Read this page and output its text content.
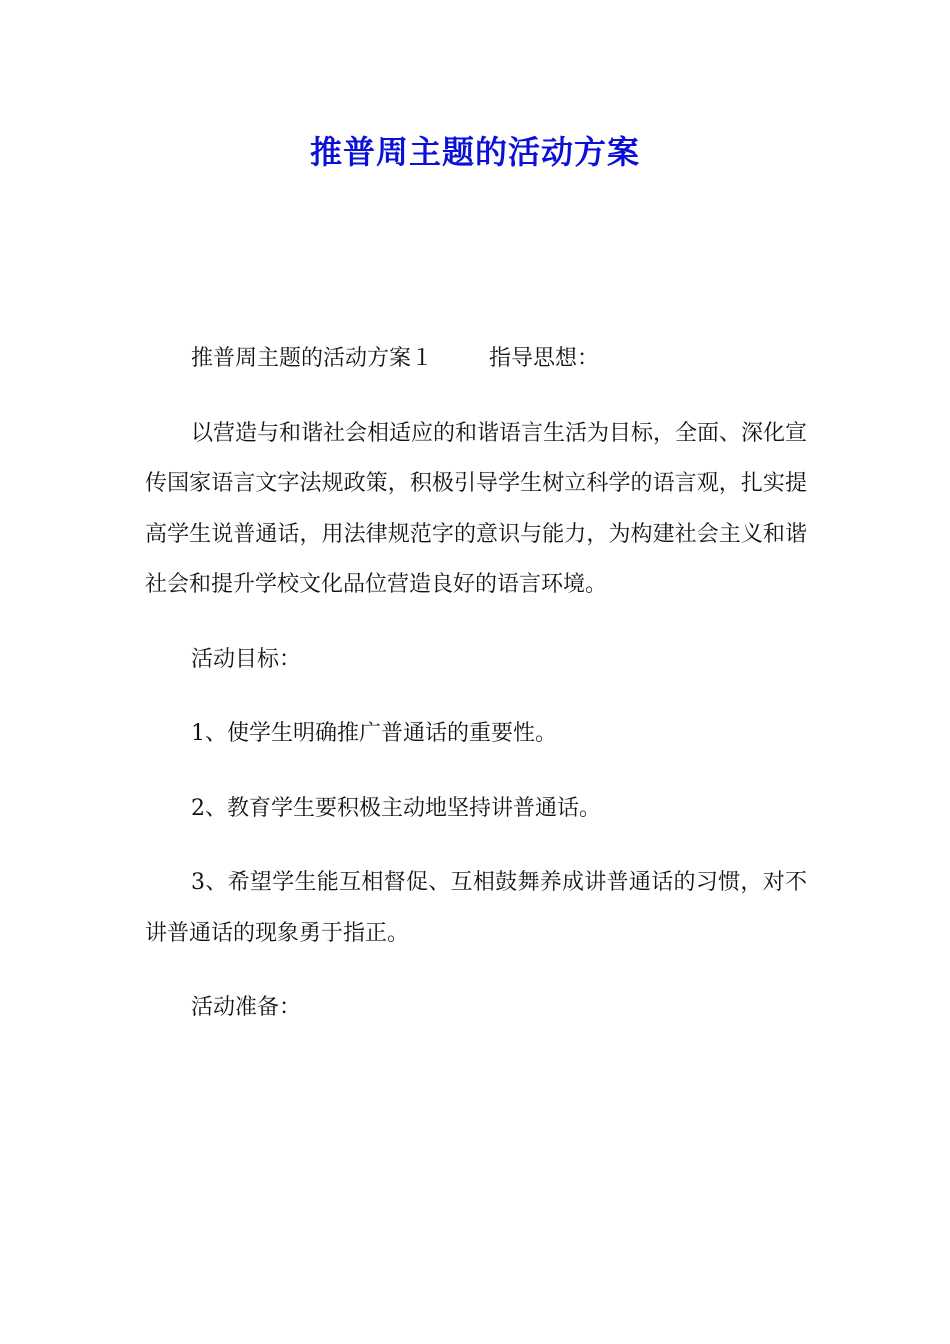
推普周主题的活动方案

推普周主题的活动方案１	指导思想：

以营造与和谐社会相适应的和谐语言生活为目标，全面、深化宣传国家语言文字法规政策，积极引导学生树立科学的语言观，扎实提高学生说普通话，用法律规范字的意识与能力，为构建社会主义和谐社会和提升学校文化品位营造良好的语言环境。

活动目标：

1、使学生明确推广普通话的重要性。

2、教育学生要积极主动地坚持讲普通话。

3、希望学生能互相督促、互相鼓舞养成讲普通话的习惯，对不讲普通话的现象勇于指正。

活动准备：
